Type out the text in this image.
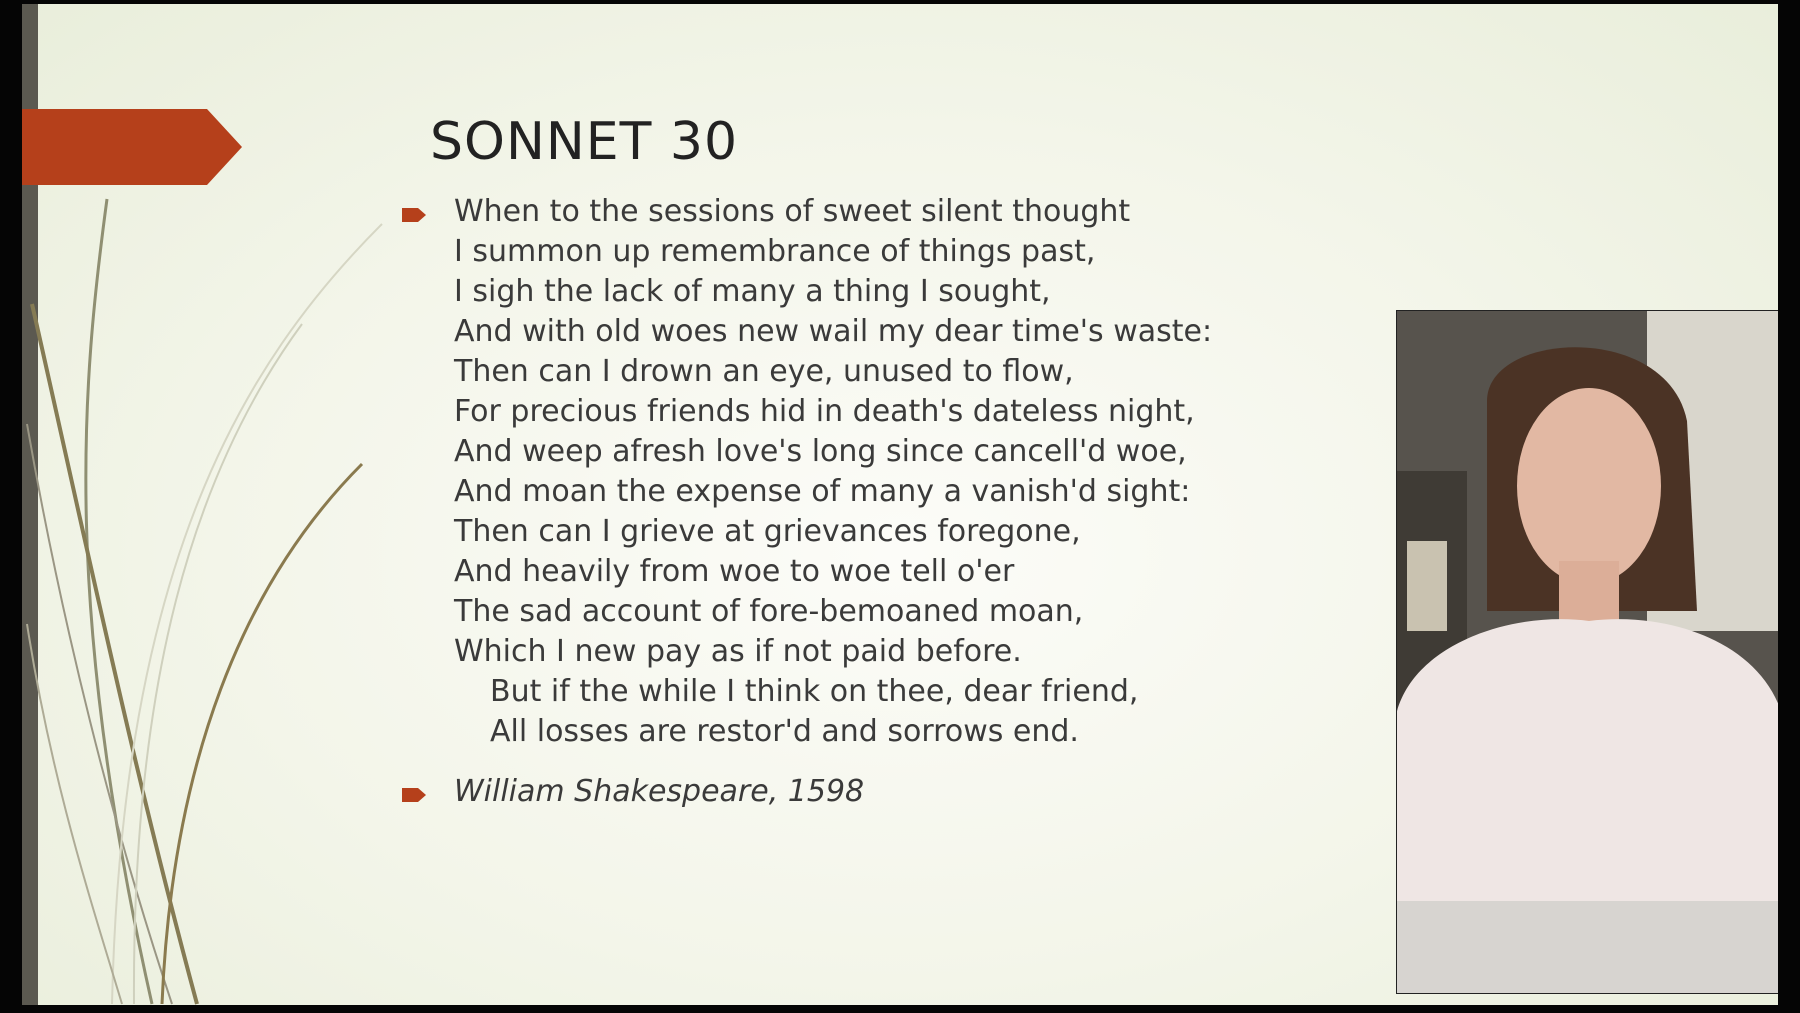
SONNET 30
When to the sessions of sweet silent thought
I summon up remembrance of things past,
I sigh the lack of many a thing I sought,
And with old woes new wail my dear time's waste:
Then can I drown an eye, unused to flow,
For precious friends hid in death's dateless night,
And weep afresh love's long since cancell'd woe,
And moan the expense of many a vanish'd sight:
Then can I grieve at grievances foregone,
And heavily from woe to woe tell o'er
The sad account of fore-bemoaned moan,
Which I new pay as if not paid before.
But if the while I think on thee, dear friend,
All losses are restor'd and sorrows end.
William Shakespeare, 1598
